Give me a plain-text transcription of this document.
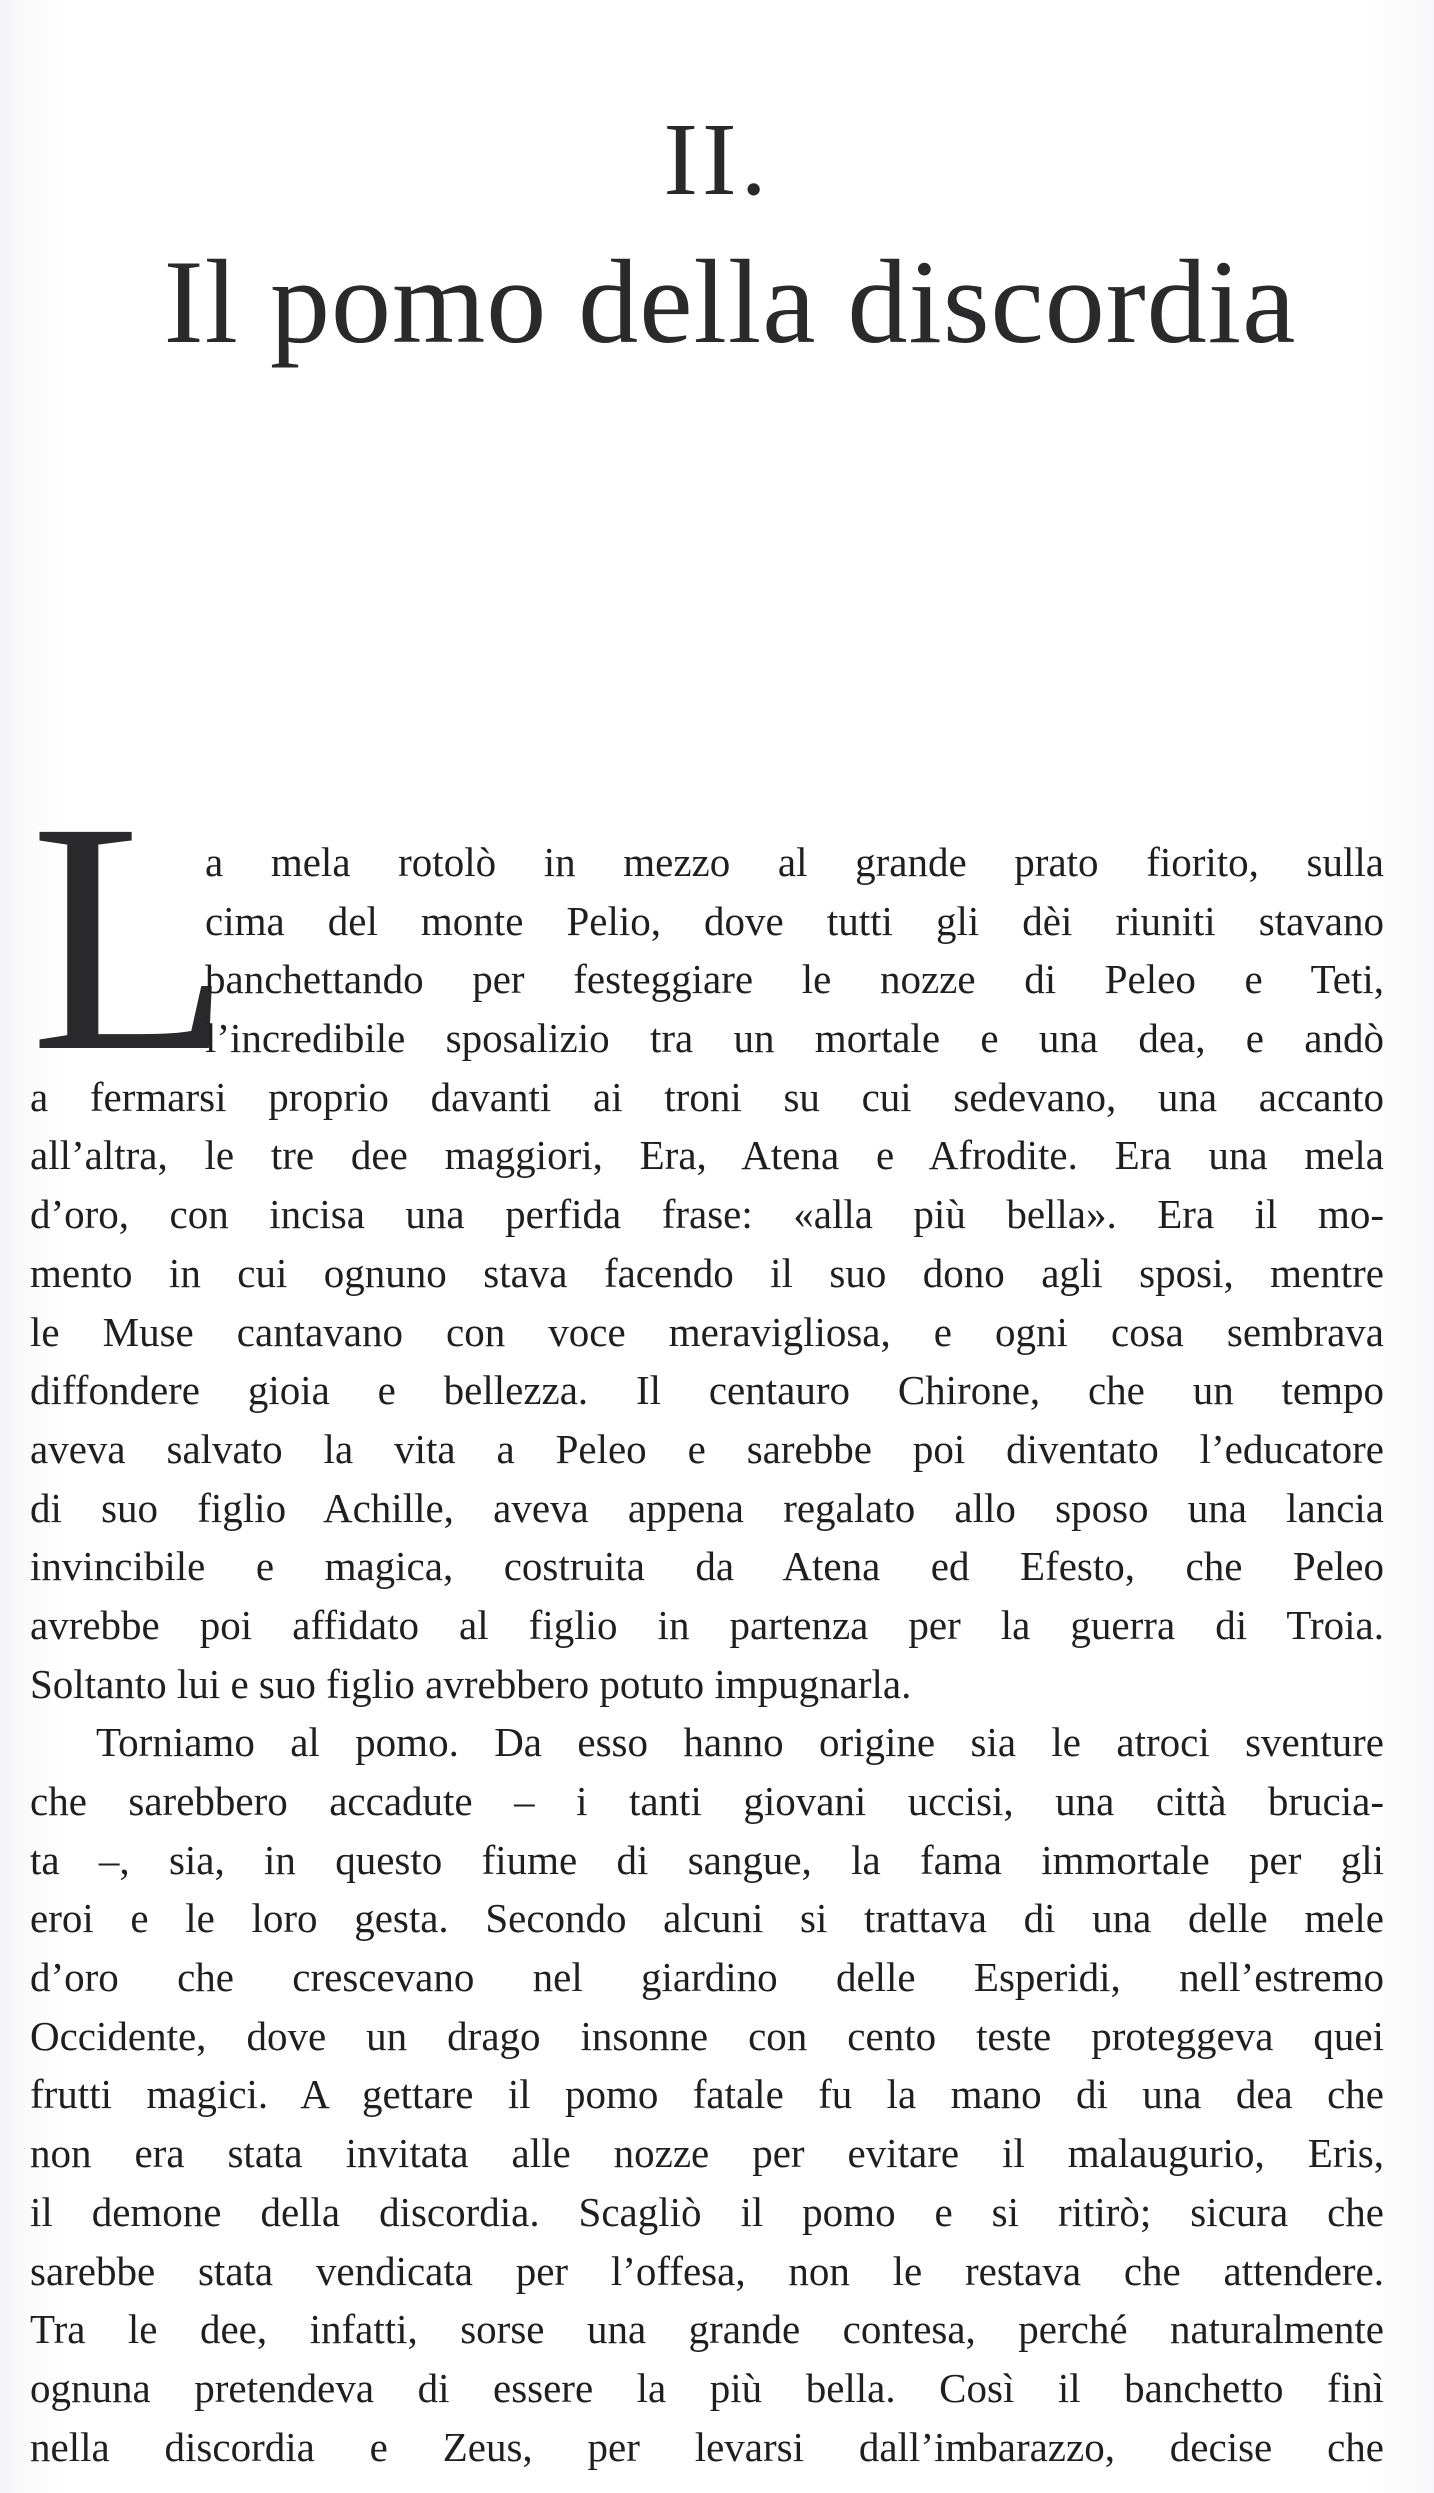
II.
Il pomo della discordia
L
a mela rotolò in mezzo al grande prato fiorito, sulla
cima del monte Pelio, dove tutti gli dèi riuniti stavano
banchettando per festeggiare le nozze di Peleo e Teti,
l’incredibile sposalizio tra un mortale e una dea, e andò
a fermarsi proprio davanti ai troni su cui sedevano, una accanto
all’altra, le tre dee maggiori, Era, Atena e Afrodite. Era una mela
d’oro, con incisa una perfida frase: «alla più bella». Era il mo-
mento in cui ognuno stava facendo il suo dono agli sposi, mentre
le Muse cantavano con voce meravigliosa, e ogni cosa sembrava
diffondere gioia e bellezza. Il centauro Chirone, che un tempo
aveva salvato la vita a Peleo e sarebbe poi diventato l’educatore
di suo figlio Achille, aveva appena regalato allo sposo una lancia
invincibile e magica, costruita da Atena ed Efesto, che Peleo
avrebbe poi affidato al figlio in partenza per la guerra di Troia.
Soltanto lui e suo figlio avrebbero potuto impugnarla.
Torniamo al pomo. Da esso hanno origine sia le atroci sventure
che sarebbero accadute – i tanti giovani uccisi, una città brucia-
ta –, sia, in questo fiume di sangue, la fama immortale per gli
eroi e le loro gesta. Secondo alcuni si trattava di una delle mele
d’oro che crescevano nel giardino delle Esperidi, nell’estremo
Occidente, dove un drago insonne con cento teste proteggeva quei
frutti magici. A gettare il pomo fatale fu la mano di una dea che
non era stata invitata alle nozze per evitare il malaugurio, Eris,
il demone della discordia. Scagliò il pomo e si ritirò; sicura che
sarebbe stata vendicata per l’offesa, non le restava che attendere.
Tra le dee, infatti, sorse una grande contesa, perché naturalmente
ognuna pretendeva di essere la più bella. Così il banchetto finì
nella discordia e Zeus, per levarsi dall’imbarazzo, decise che
